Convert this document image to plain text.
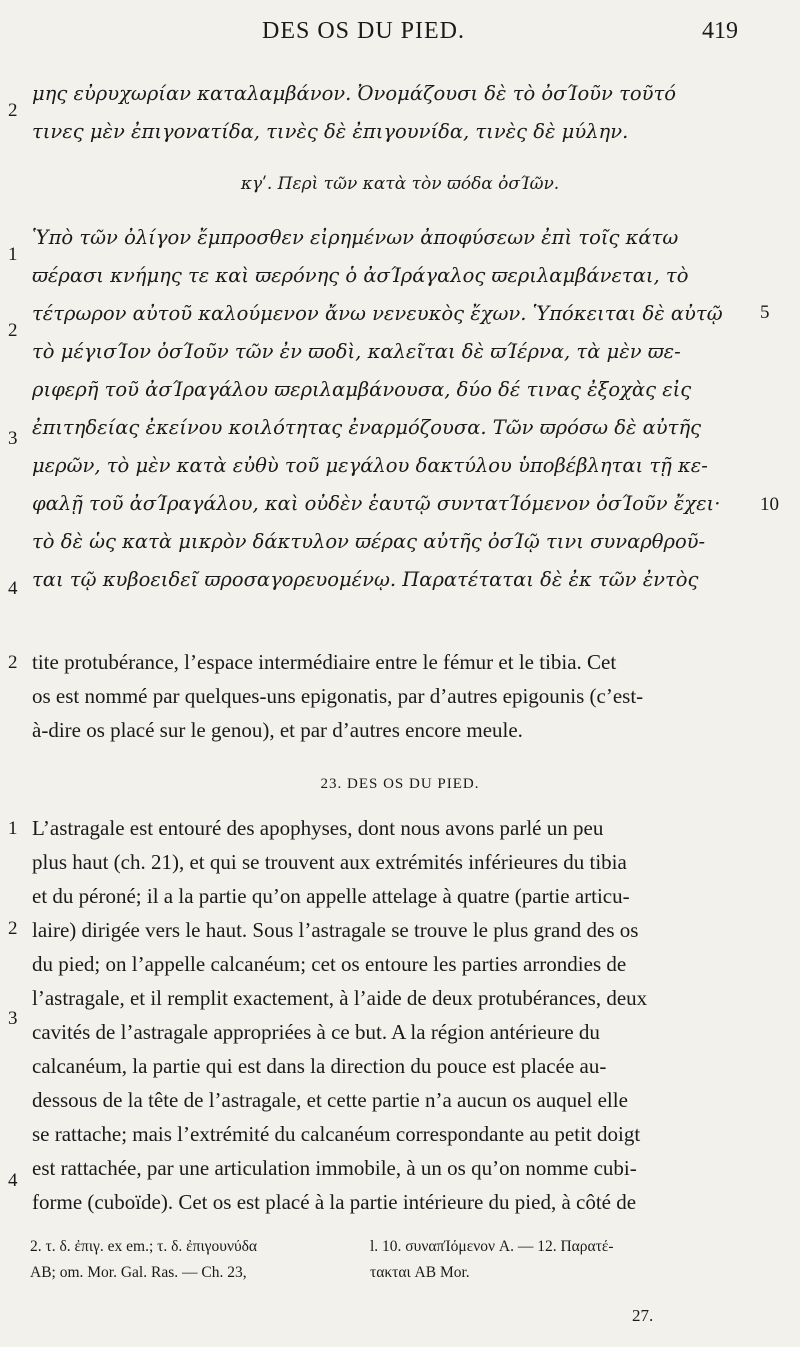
DES OS DU PIED.	419
2
μης εὐρυχωρίαν καταλαμβάνον. Ὀνομάζουσι δὲ τὸ ὀσΊοῦν τοῦτό
τινες μὲν ἐπιγονατίδα, τινὲς δὲ ἐπιγουνίδα, τινὲς δὲ μύλην.
κγʹ. Περὶ τῶν κατὰ τὸν ϖόδα ὀσΊῶν.
1
Ὑπὸ τῶν ὀλίγον ἔμπροσθεν εἰρημένων ἀποφύσεων ἐπὶ τοῖς κάτω
ϖέρασι κνήμης τε καὶ ϖερόνης ὁ ἀσΊράγαλος ϖεριλαμβάνεται, τὸ
2
τέτρωρον αὐτοῦ καλούμενον ἄνω νενευκὸς ἔχων. Ὑπόκειται δὲ αὐτῷ	5
τὸ μέγισΊον ὀσΊοῦν τῶν ἐν ϖοδὶ, καλεῖται δὲ ϖΊέρνα, τὰ μὲν ϖε-
ριφερῆ τοῦ ἀσΊραγάλου ϖεριλαμβάνουσα, δύο δέ τινας ἐξοχὰς εἰς
3 ἐπιτηδείας ἐκείνου κοιλότητας ἐναρμόζουσα. Τῶν ϖρόσω δὲ αὐτῆς
μερῶν, τὸ μὲν κατὰ εὐθὺ τοῦ μεγάλου δακτύλου ὑποβέβληται τῇ κε-
φαλῇ τοῦ ἀσΊραγάλου, καὶ οὐδὲν ἑαυτῷ συντατΊόμενον ὀσΊοῦν ἔχει·	10
τὸ δὲ ὡς κατὰ μικρὸν δάκτυλον ϖέρας αὐτῆς ὀσΊῷ τινι συναρθροῦ-
4 ται τῷ κυβοειδεῖ ϖροσαγορευομένῳ. Παρατέταται δὲ ἐκ τῶν ἐντὸς
2 tite protubérance, l’espace intermédiaire entre le fémur et le tibia. Cet
os est nommé par quelques-uns epigonatis, par d’autres epigounis (c’est-
à-dire os placé sur le genou), et par d’autres encore meule.
23. DES OS DU PIED.
1 L’astragale est entouré des apophyses, dont nous avons parlé un peu
plus haut (ch. 21), et qui se trouvent aux extrémités inférieures du tibia
et du péroné; il a la partie qu’on appelle attelage à quatre (partie articu-
2 laire) dirigée vers le haut. Sous l’astragale se trouve le plus grand des os
du pied; on l’appelle calcanéum; cet os entoure les parties arrondies de
l’astragale, et il remplit exactement, à l’aide de deux protubérances, deux
3
cavités de l’astragale appropriées à ce but. A la région antérieure du
calcanéum, la partie qui est dans la direction du pouce est placée au-
dessous de la tête de l’astragale, et cette partie n’a aucun os auquel elle
se rattache; mais l’extrémité du calcanéum correspondante au petit doigt
est rattachée, par une articulation immobile, à un os qu’on nomme cubi-
4
forme (cuboïde). Cet os est placé à la partie intérieure du pied, à côté de
2. τ. δ. ἐπιγ. ex em.; τ. δ. ἐπιγουνύδα
AB; om. Mor. Gal. Ras. — Ch. 23,
l. 10. συναπΊόμενον A. — 12. Παρατέ-
τακται AB Mor.
27.
